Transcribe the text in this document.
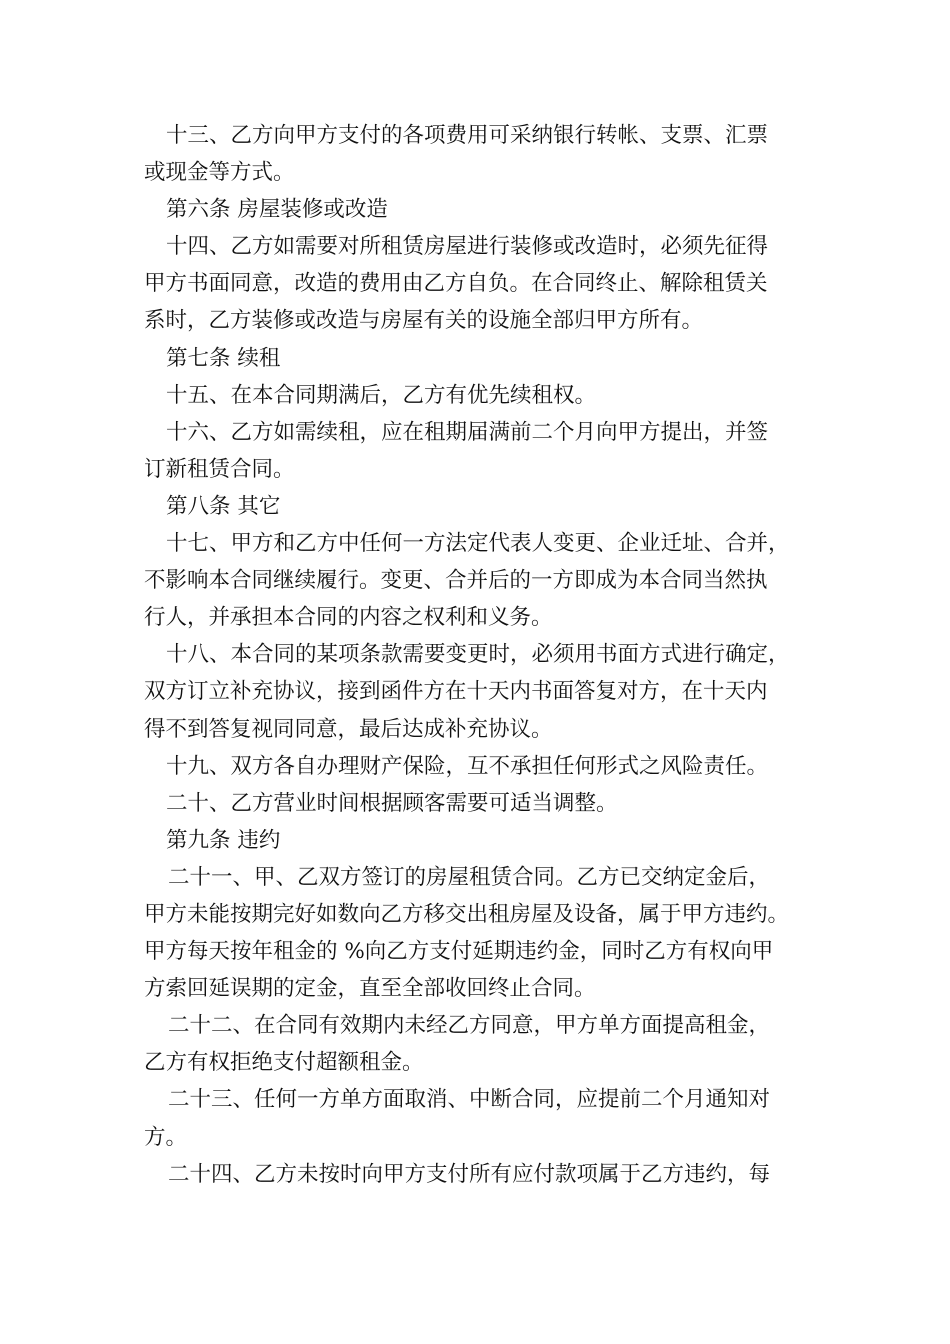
十三、乙方向甲方支付的各项费用可采纳银行转帐、支票、汇票
或现金等方式。
第六条 房屋装修或改造
十四、乙方如需要对所租赁房屋进行装修或改造时，必须先征得
甲方书面同意，改造的费用由乙方自负。在合同终止、解除租赁关
系时，乙方装修或改造与房屋有关的设施全部归甲方所有。
第七条 续租
十五、在本合同期满后，乙方有优先续租权。
十六、乙方如需续租，应在租期届满前二个月向甲方提出，并签
订新租赁合同。
第八条 其它
十七、甲方和乙方中任何一方法定代表人变更、企业迁址、合并，
不影响本合同继续履行。变更、合并后的一方即成为本合同当然执
行人，并承担本合同的内容之权利和义务。
十八、本合同的某项条款需要变更时，必须用书面方式进行确定，
双方订立补充协议，接到函件方在十天内书面答复对方，在十天内
得不到答复视同同意，最后达成补充协议。
十九、双方各自办理财产保险，互不承担任何形式之风险责任。
二十、乙方营业时间根据顾客需要可适当调整。
第九条 违约
二十一、甲、乙双方签订的房屋租赁合同。乙方已交纳定金后，
甲方未能按期完好如数向乙方移交出租房屋及设备，属于甲方违约。
甲方每天按年租金的 %向乙方支付延期违约金，同时乙方有权向甲
方索回延误期的定金，直至全部收回终止合同。
二十二、在合同有效期内未经乙方同意，甲方单方面提高租金，
乙方有权拒绝支付超额租金。
二十三、任何一方单方面取消、中断合同，应提前二个月通知对
方。
二十四、乙方未按时向甲方支付所有应付款项属于乙方违约，每
